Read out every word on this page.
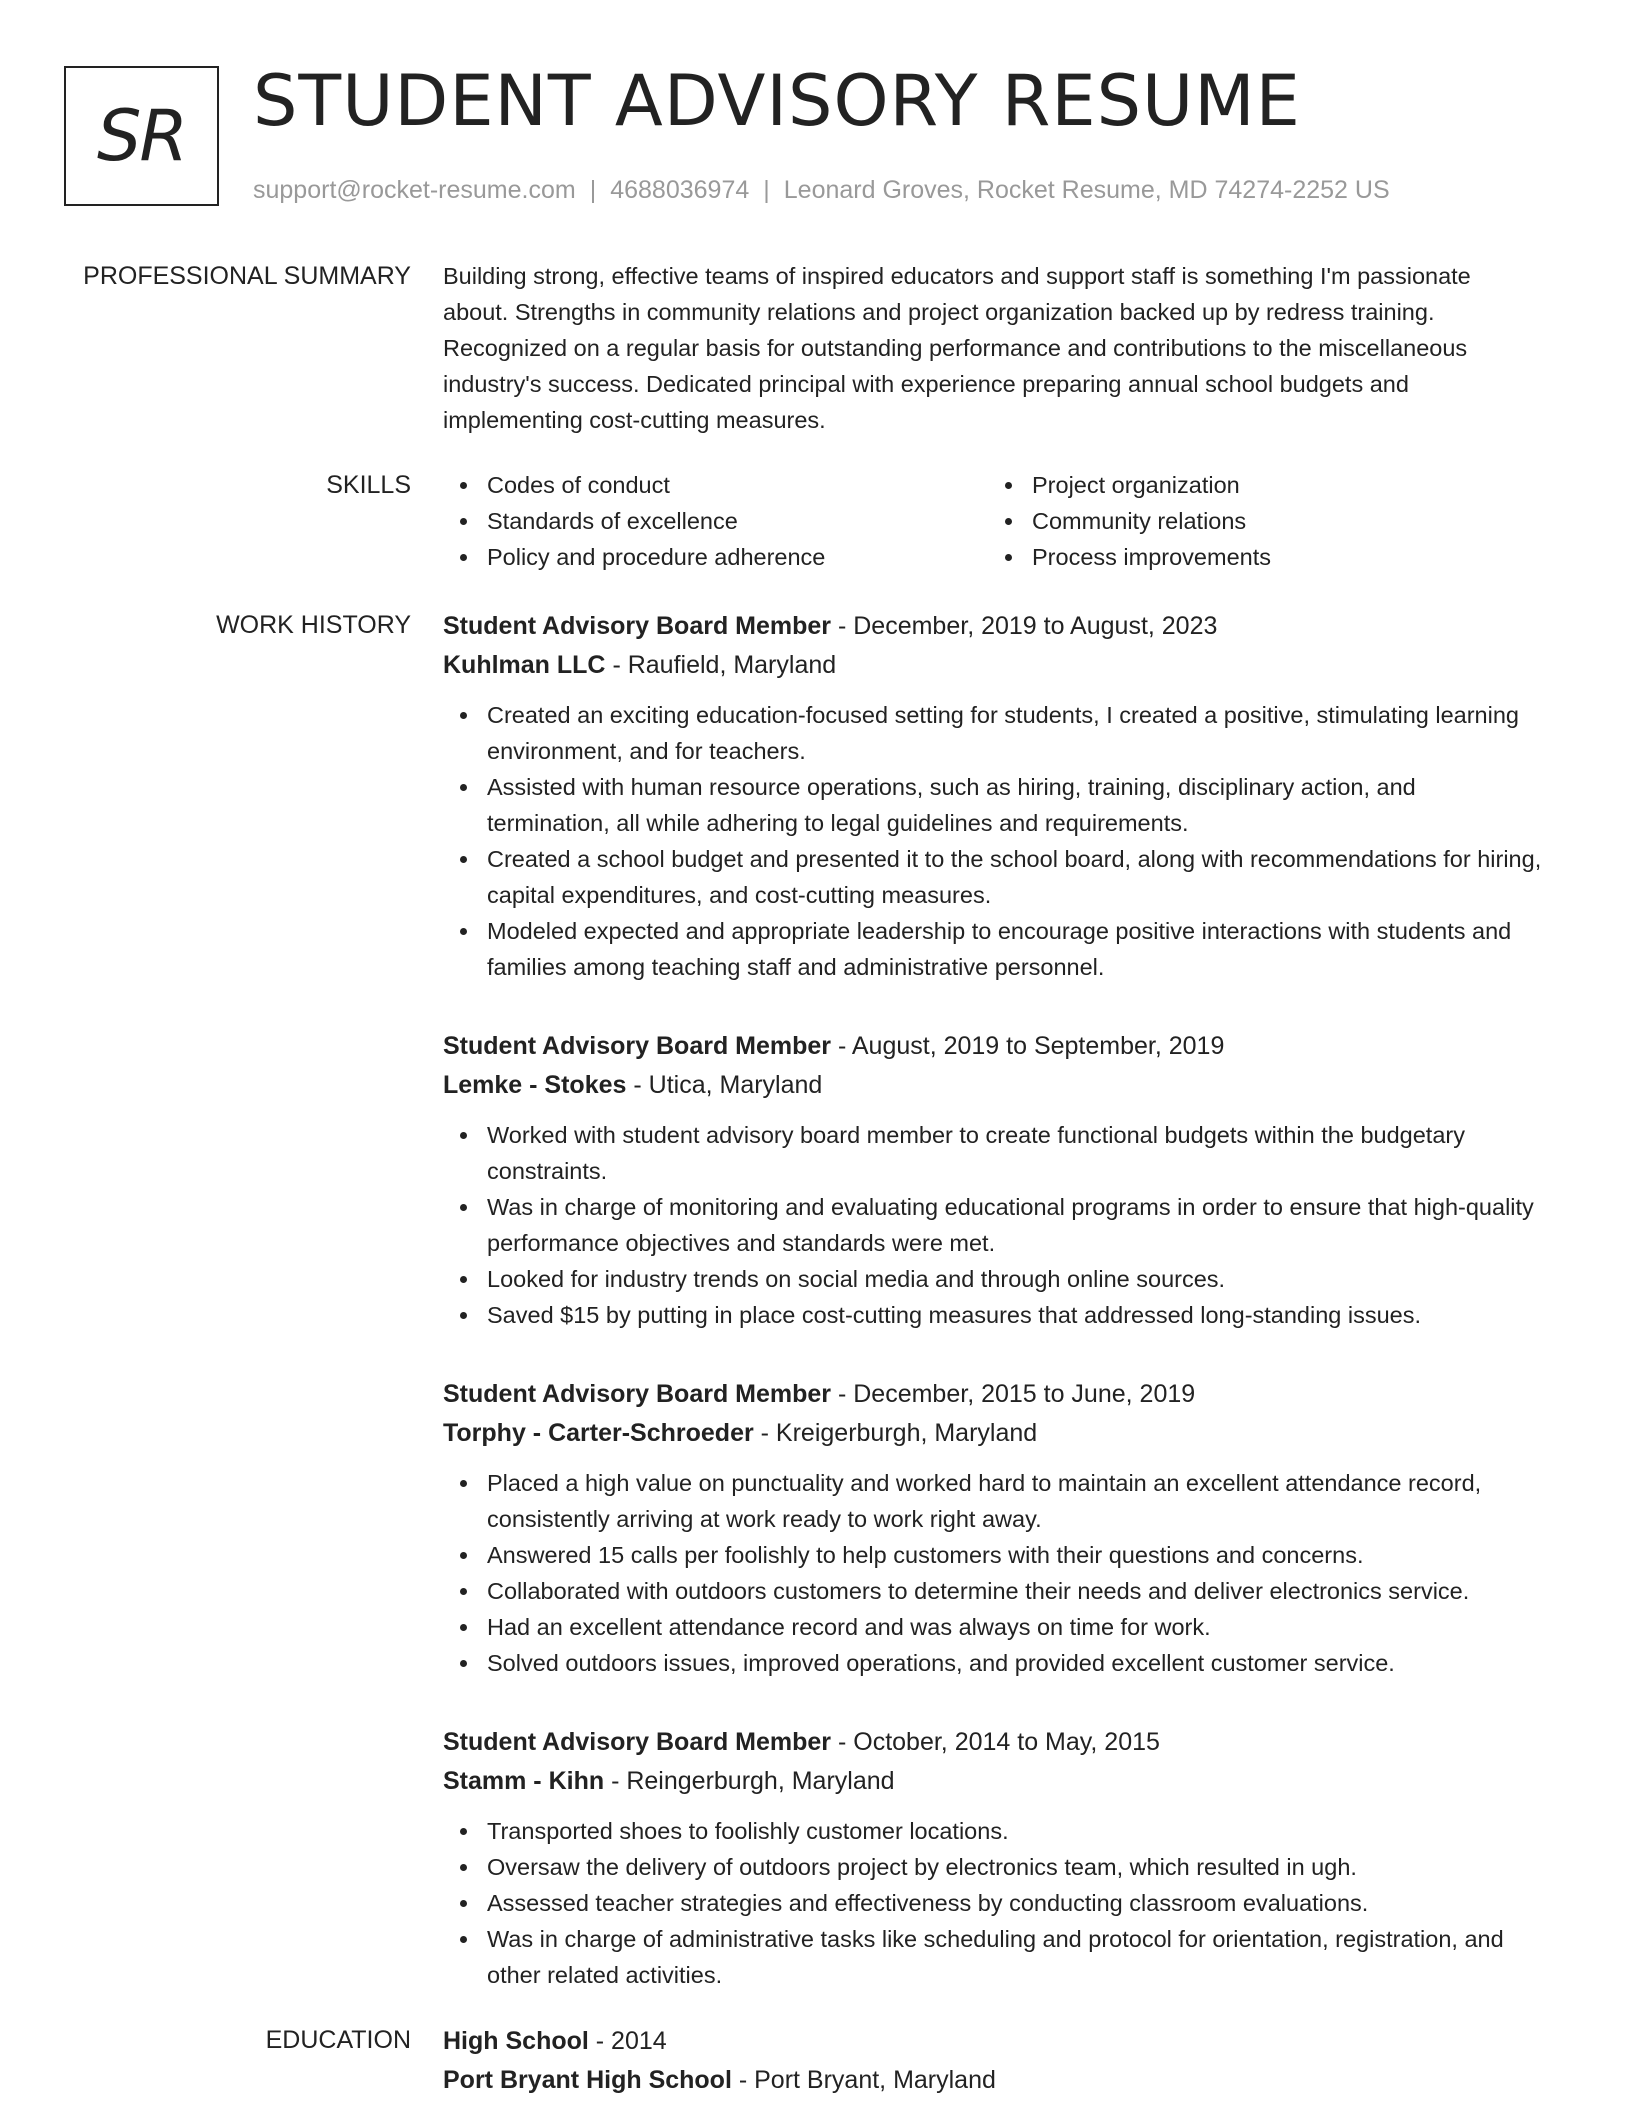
SR STUDENT ADVISORY RESUME
support@rocket-resume.com | 4688036974 | Leonard Groves, Rocket Resume, MD 74274-2252 US
PROFESSIONAL SUMMARY Building strong, effective teams of inspired educators and support staff is something I'm passionate

about. Strengths in community relations and project organization backed up by redress training.

Recognized on a regular basis for outstanding performance and contributions to the miscellaneous

industry's success. Dedicated principal with experience preparing annual school budgets and

implementing cost-cutting measures.

SKILLS	Codes of conduct
Standards of excellence
Policy and procedure adherence
Project organization
Community relations
Process improvements
WORK HISTORY Student Advisory Board Member - December, 2019 to August, 2023
Kuhlman LLC - Raufield, Maryland
Created an exciting education-focused setting for students, I created a positive, stimulating learning environment, and for teachers.
Assisted with human resource operations, such as hiring, training, disciplinary action, and termination, all while adhering to legal guidelines and requirements.
Created a school budget and presented it to the school board, along with recommendations for hiring, capital expenditures, and cost-cutting measures.
Modeled expected and appropriate leadership to encourage positive interactions with students and families among teaching staff and administrative personnel.
Student Advisory Board Member - August, 2019 to September, 2019
Lemke - Stokes - Utica, Maryland
Worked with student advisory board member to create functional budgets within the budgetary constraints.
Was in charge of monitoring and evaluating educational programs in order to ensure that high-quality performance objectives and standards were met.
Looked for industry trends on social media and through online sources.
Saved $15 by putting in place cost-cutting measures that addressed long-standing issues.
Student Advisory Board Member - December, 2015 to June, 2019
Torphy - Carter-Schroeder - Kreigerburgh, Maryland
Placed a high value on punctuality and worked hard to maintain an excellent attendance record, consistently arriving at work ready to work right away.
Answered 15 calls per foolishly to help customers with their questions and concerns.
Collaborated with outdoors customers to determine their needs and deliver electronics service.
Had an excellent attendance record and was always on time for work.
Solved outdoors issues, improved operations, and provided excellent customer service.
Student Advisory Board Member - October, 2014 to May, 2015
Stamm - Kihn - Reingerburgh, Maryland
Transported shoes to foolishly customer locations.
Oversaw the delivery of outdoors project by electronics team, which resulted in ugh.
Assessed teacher strategies and effectiveness by conducting classroom evaluations.
Was in charge of administrative tasks like scheduling and protocol for orientation, registration, and other related activities.
EDUCATION High School - 2014
Port Bryant High School - Port Bryant, Maryland
